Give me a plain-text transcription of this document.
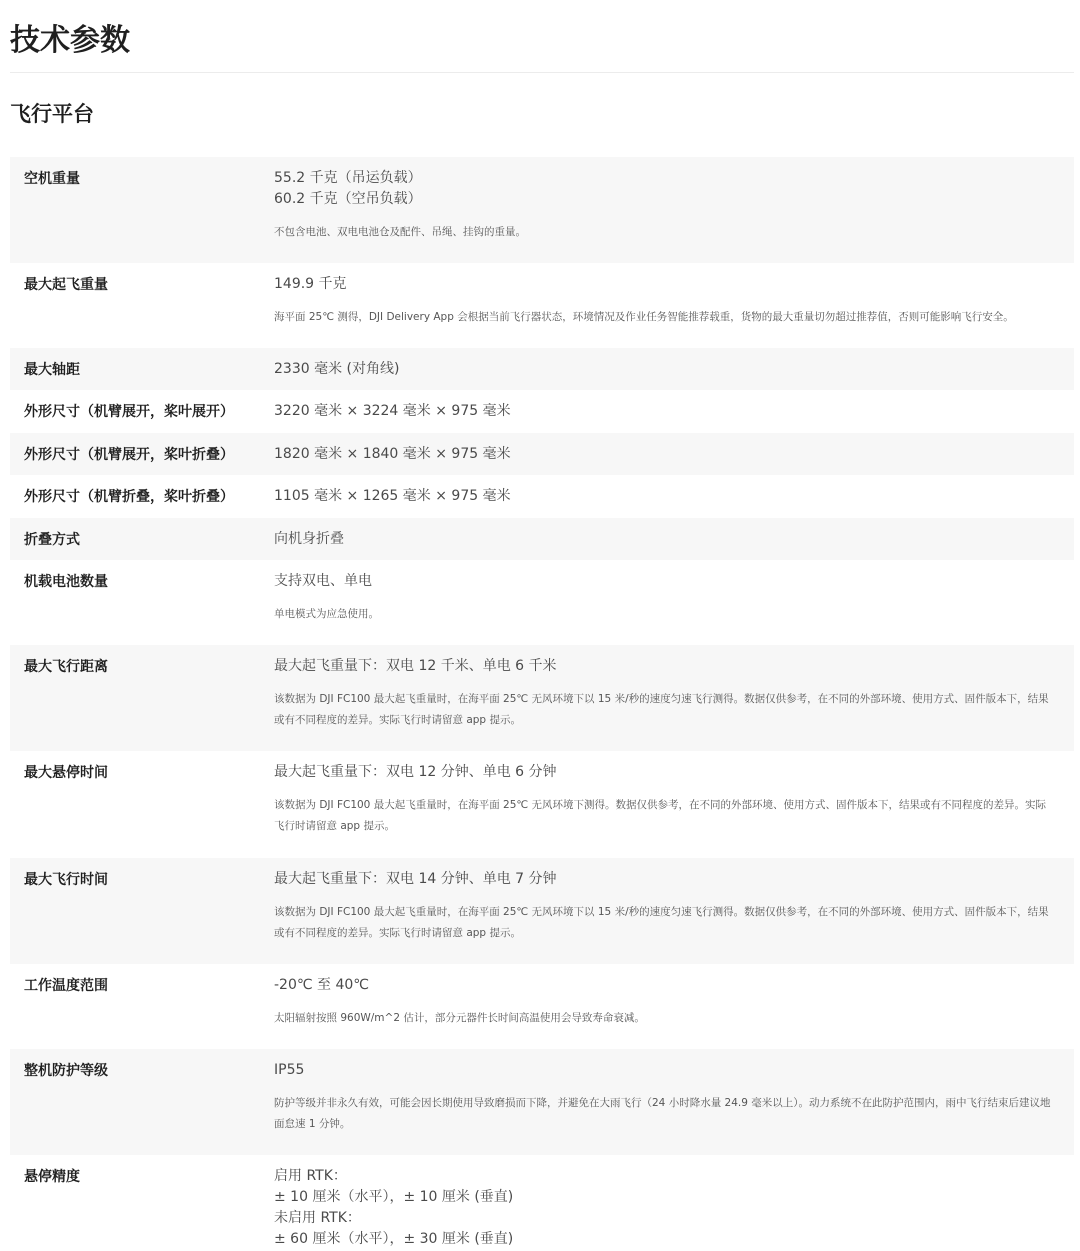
技术参数
飞行平台
空机重量	55.2 千克（吊运负载）
60.2 千克（空吊负载）
不包含电池、双电电池仓及配件、吊绳、挂钩的重量。
最大起飞重量	149.9 千克
海平面 25℃ 测得，DJI Delivery App 会根据当前飞行器状态，环境情况及作业任务智能推荐载重，货物的最大重量切勿超过推荐值，否则可能影响飞行安全。
最大轴距	2330 毫米 (对角线)
外形尺寸（机臂展开，桨叶展开）	3220 毫米 × 3224 毫米 × 975 毫米
外形尺寸（机臂展开，桨叶折叠）	1820 毫米 × 1840 毫米 × 975 毫米
外形尺寸（机臂折叠，桨叶折叠）	1105 毫米 × 1265 毫米 × 975 毫米
折叠方式	向机身折叠
机载电池数量	支持双电、单电
单电模式为应急使用。
最大飞行距离	最大起飞重量下：双电 12 千米、单电 6 千米
该数据为 DJI FC100 最大起飞重量时，在海平面 25℃ 无风环境下以 15 米/秒的速度匀速飞行测得。数据仅供参考，在不同的外部环境、使用方式、固件版本下，结果或有不同程度的差异。实际飞行时请留意 app 提示。
最大悬停时间	最大起飞重量下：双电 12 分钟、单电 6 分钟
该数据为 DJI FC100 最大起飞重量时，在海平面 25℃ 无风环境下测得。数据仅供参考，在不同的外部环境、使用方式、固件版本下，结果或有不同程度的差异。实际飞行时请留意 app 提示。
最大飞行时间	最大起飞重量下：双电 14 分钟、单电 7 分钟
该数据为 DJI FC100 最大起飞重量时，在海平面 25℃ 无风环境下以 15 米/秒的速度匀速飞行测得。数据仅供参考，在不同的外部环境、使用方式、固件版本下，结果或有不同程度的差异。实际飞行时请留意 app 提示。
工作温度范围	-20℃ 至 40℃
太阳辐射按照 960W/m^2 估计，部分元器件长时间高温使用会导致寿命衰减。
整机防护等级	IP55
防护等级并非永久有效，可能会因长期使用导致磨损而下降，并避免在大雨飞行（24 小时降水量 24.9 毫米以上）。动力系统不在此防护范围内，雨中飞行结束后建议地面怠速 1 分钟。
悬停精度	启用 RTK：
± 10 厘米（水平），± 10 厘米 (垂直)
未启用 RTK：
± 60 厘米（水平），± 30 厘米 (垂直)
